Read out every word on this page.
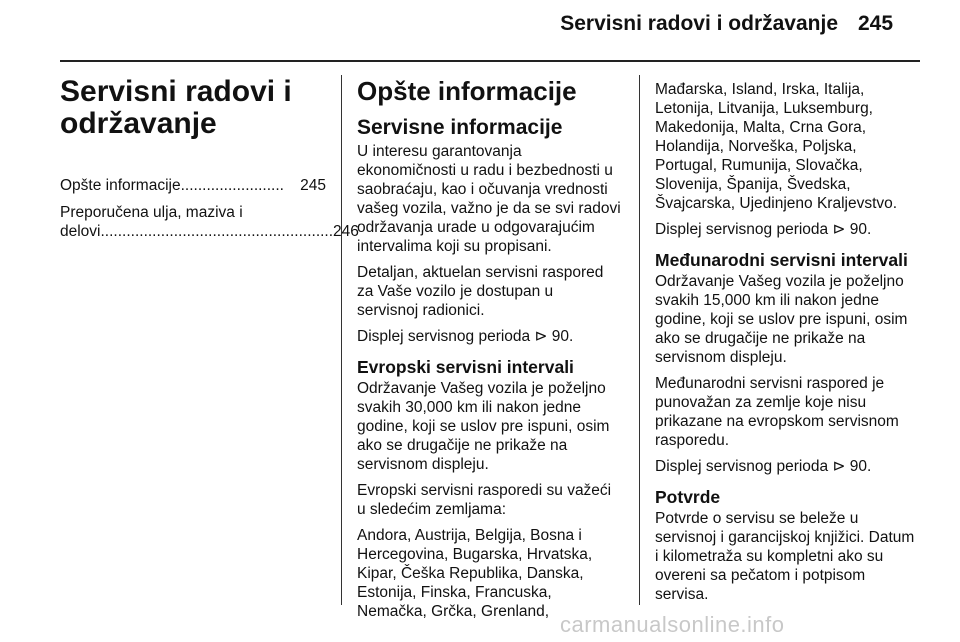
Servisni radovi i održavanje 245
Servisni radovi i
održavanje
Opšte informacije ........................	245
Preporučena ulja, maziva i
delovi ...................................................... 246
Opšte informacije
Servisne informacije

U interesu garantovanja
ekonomičnosti u radu i bezbednosti u
saobraćaju, kao i očuvanja vrednosti
vašeg vozila, važno je da se svi radovi
održavanja urade u odgovarajućim
intervalima koji su propisani.

Detaljan, aktuelan servisni raspored
za Vaše vozilo je dostupan u
servisnoj radionici.

Displej servisnog perioda ⊳ 90.

Evropski servisni intervali

Održavanje Vašeg vozila je poželjno
svakih 30,000 km ili nakon jedne
godine, koji se uslov pre ispuni, osim
ako se drugačije ne prikaže na
servisnom displeju.

Evropski servisni rasporedi su važeći
u sledećim zemljama:

Andora, Austrija, Belgija, Bosna i
Hercegovina, Bugarska, Hrvatska,
Kipar, Češka Republika, Danska,
Estonija, Finska, Francuska,
Nemačka, Grčka, Grenland,

Mađarska, Island, Irska, Italija,
Letonija, Litvanija, Luksemburg,
Makedonija, Malta, Crna Gora,
Holandija, Norveška, Poljska,
Portugal, Rumunija, Slovačka,
Slovenija, Španija, Švedska,
Švajcarska, Ujedinjeno Kraljevstvo.

Displej servisnog perioda ⊳ 90.

Međunarodni servisni intervali

Održavanje Vašeg vozila je poželjno
svakih 15,000 km ili nakon jedne
godine, koji se uslov pre ispuni, osim
ako se drugačije ne prikaže na
servisnom displeju.

Međunarodni servisni raspored je
punovažan za zemlje koje nisu
prikazane na evropskom servisnom
rasporedu.

Displej servisnog perioda ⊳ 90.

Potvrde

Potvrde o servisu se beleže u
servisnoj i garancijskoj knjižici. Datum
i kilometraža su kompletni ako su
overeni sa pečatom i potpisom
servisa.

carmanualsonline.info
